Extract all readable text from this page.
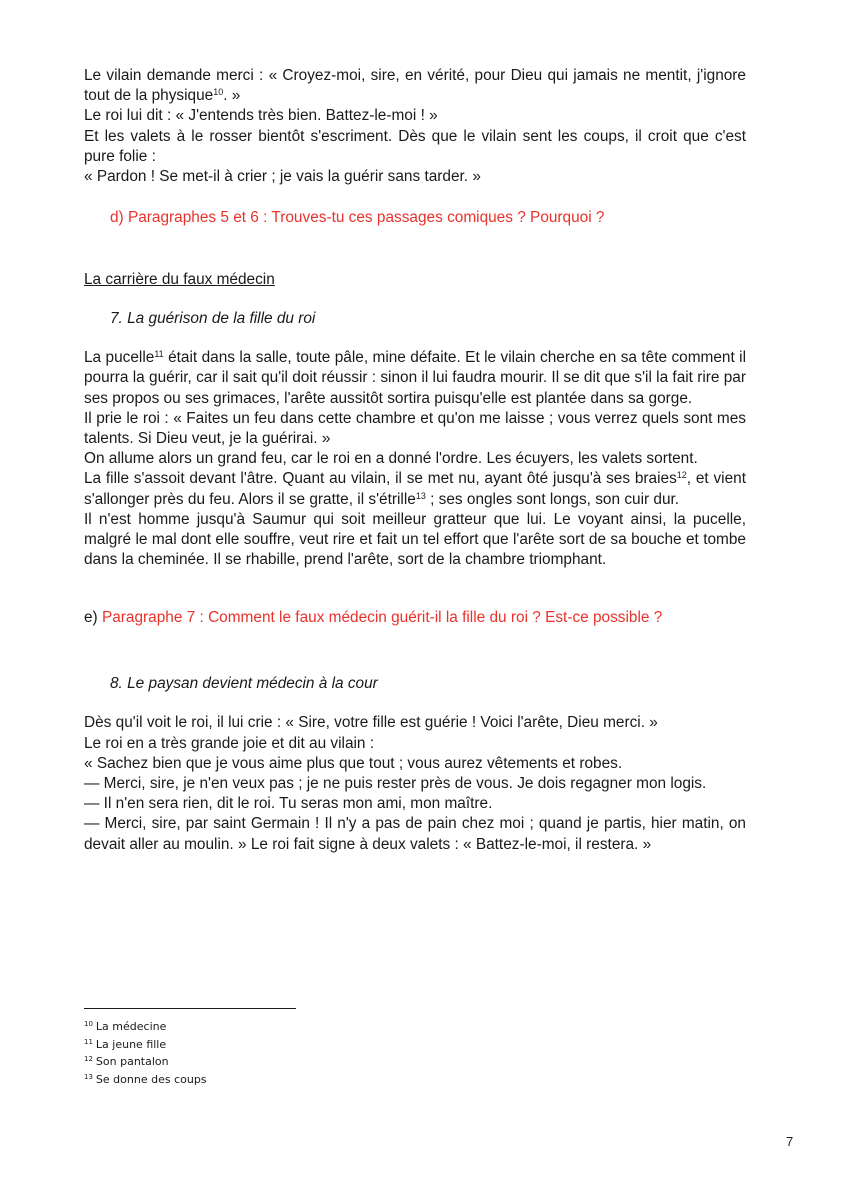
Le vilain demande merci : « Croyez-moi, sire, en vérité, pour Dieu qui jamais ne mentit, j'ignore tout de la physique$^{10}$. »

Le roi lui dit : « J'entends très bien. Battez-le-moi ! »

Et les valets à le rosser bientôt s'escriment. Dès que le vilain sent les coups, il croit que c'est pure folie :

« Pardon ! Se met-il à crier ; je vais la guérir sans tarder. »

d) Paragraphes 5 et 6 : Trouves-tu ces passages comiques ? Pourquoi ?

La carrière du faux médecin

7. La guérison de la fille du roi

La pucelle$^{11}$ était dans la salle, toute pâle, mine défaite. Et le vilain cherche en sa tête comment il pourra la guérir, car il sait qu'il doit réussir : sinon il lui faudra mourir. Il se dit que s'il la fait rire par ses propos ou ses grimaces, l'arête aussitôt sortira puisqu'elle est plantée dans sa gorge.

Il prie le roi : « Faites un feu dans cette chambre et qu'on me laisse ; vous verrez quels sont mes talents. Si Dieu veut, je la guérirai. »

On allume alors un grand feu, car le roi en a donné l'ordre. Les écuyers, les valets sortent.

La fille s'assoit devant l'âtre. Quant au vilain, il se met nu, ayant ôté jusqu'à ses braies$^{12}$, et vient s'allonger près du feu. Alors il se gratte, il s'étrille$^{13}$ ; ses ongles sont longs, son cuir dur.

Il n'est homme jusqu'à Saumur qui soit meilleur gratteur que lui. Le voyant ainsi, la pucelle, malgré le mal dont elle souffre, veut rire et fait un tel effort que l'arête sort de sa bouche et tombe dans la cheminée. Il se rhabille, prend l'arête, sort de la chambre triomphant.

e) Paragraphe 7 : Comment le faux médecin guérit-il la fille du roi ? Est-ce possible ?

8. Le paysan devient médecin à la cour

Dès qu'il voit le roi, il lui crie : « Sire, votre fille est guérie ! Voici l'arête, Dieu merci. »

Le roi en a très grande joie et dit au vilain :

« Sachez bien que je vous aime plus que tout ; vous aurez vêtements et robes.

— Merci, sire, je n'en veux pas ; je ne puis rester près de vous. Je dois regagner mon logis.

— Il n'en sera rien, dit le roi. Tu seras mon ami, mon maître.

— Merci, sire, par saint Germain ! Il n'y a pas de pain chez moi ; quand je partis, hier matin, on devait aller au moulin. » Le roi fait signe à deux valets : « Battez-le-moi, il restera. »

$^{10}$ La médecine

$^{11}$ La jeune fille

$^{12}$ Son pantalon

$^{13}$ Se donne des coups

7
